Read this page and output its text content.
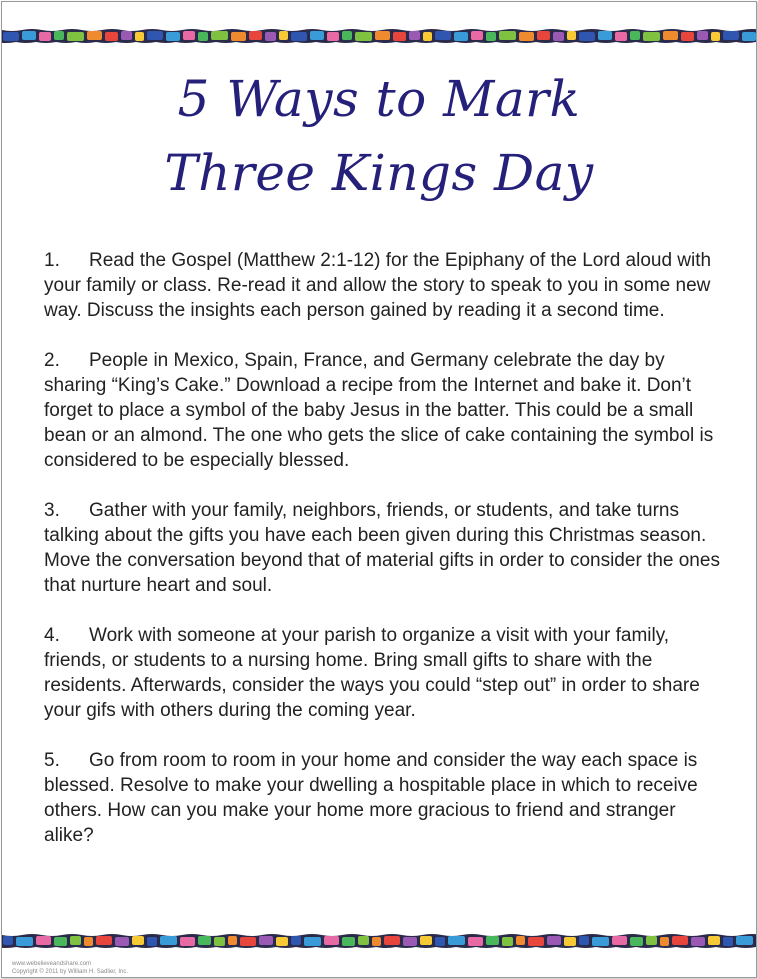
5 Ways to Mark
Three Kings Day
1. Read the Gospel (Matthew 2:1-12) for the Epiphany of the Lord aloud with your family or class. Re-read it and allow the story to speak to you in some new way. Discuss the insights each person gained by reading it a second time.
2. People in Mexico, Spain, France, and Germany celebrate the day by sharing “King’s Cake.” Download a recipe from the Internet and bake it. Don’t forget to place a symbol of the baby Jesus in the batter. This could be a small bean or an almond. The one who gets the slice of cake containing the symbol is considered to be especially blessed.
3. Gather with your family, neighbors, friends, or students, and take turns talking about the gifts you have each been given during this Christmas season. Move the conversation beyond that of material gifts in order to consider the ones that nurture heart and soul.
4. Work with someone at your parish to organize a visit with your family, friends, or students to a nursing home. Bring small gifts to share with the residents. Afterwards, consider the ways you could “step out” in order to share your gifs with others during the coming year.
5. Go from room to room in your home and consider the way each space is blessed. Resolve to make your dwelling a hospitable place in which to receive others. How can you make your home more gracious to friend and stranger alike?
www.webelieveandshare.com
Copyright © 2011 by William H. Sadlier, Inc.
